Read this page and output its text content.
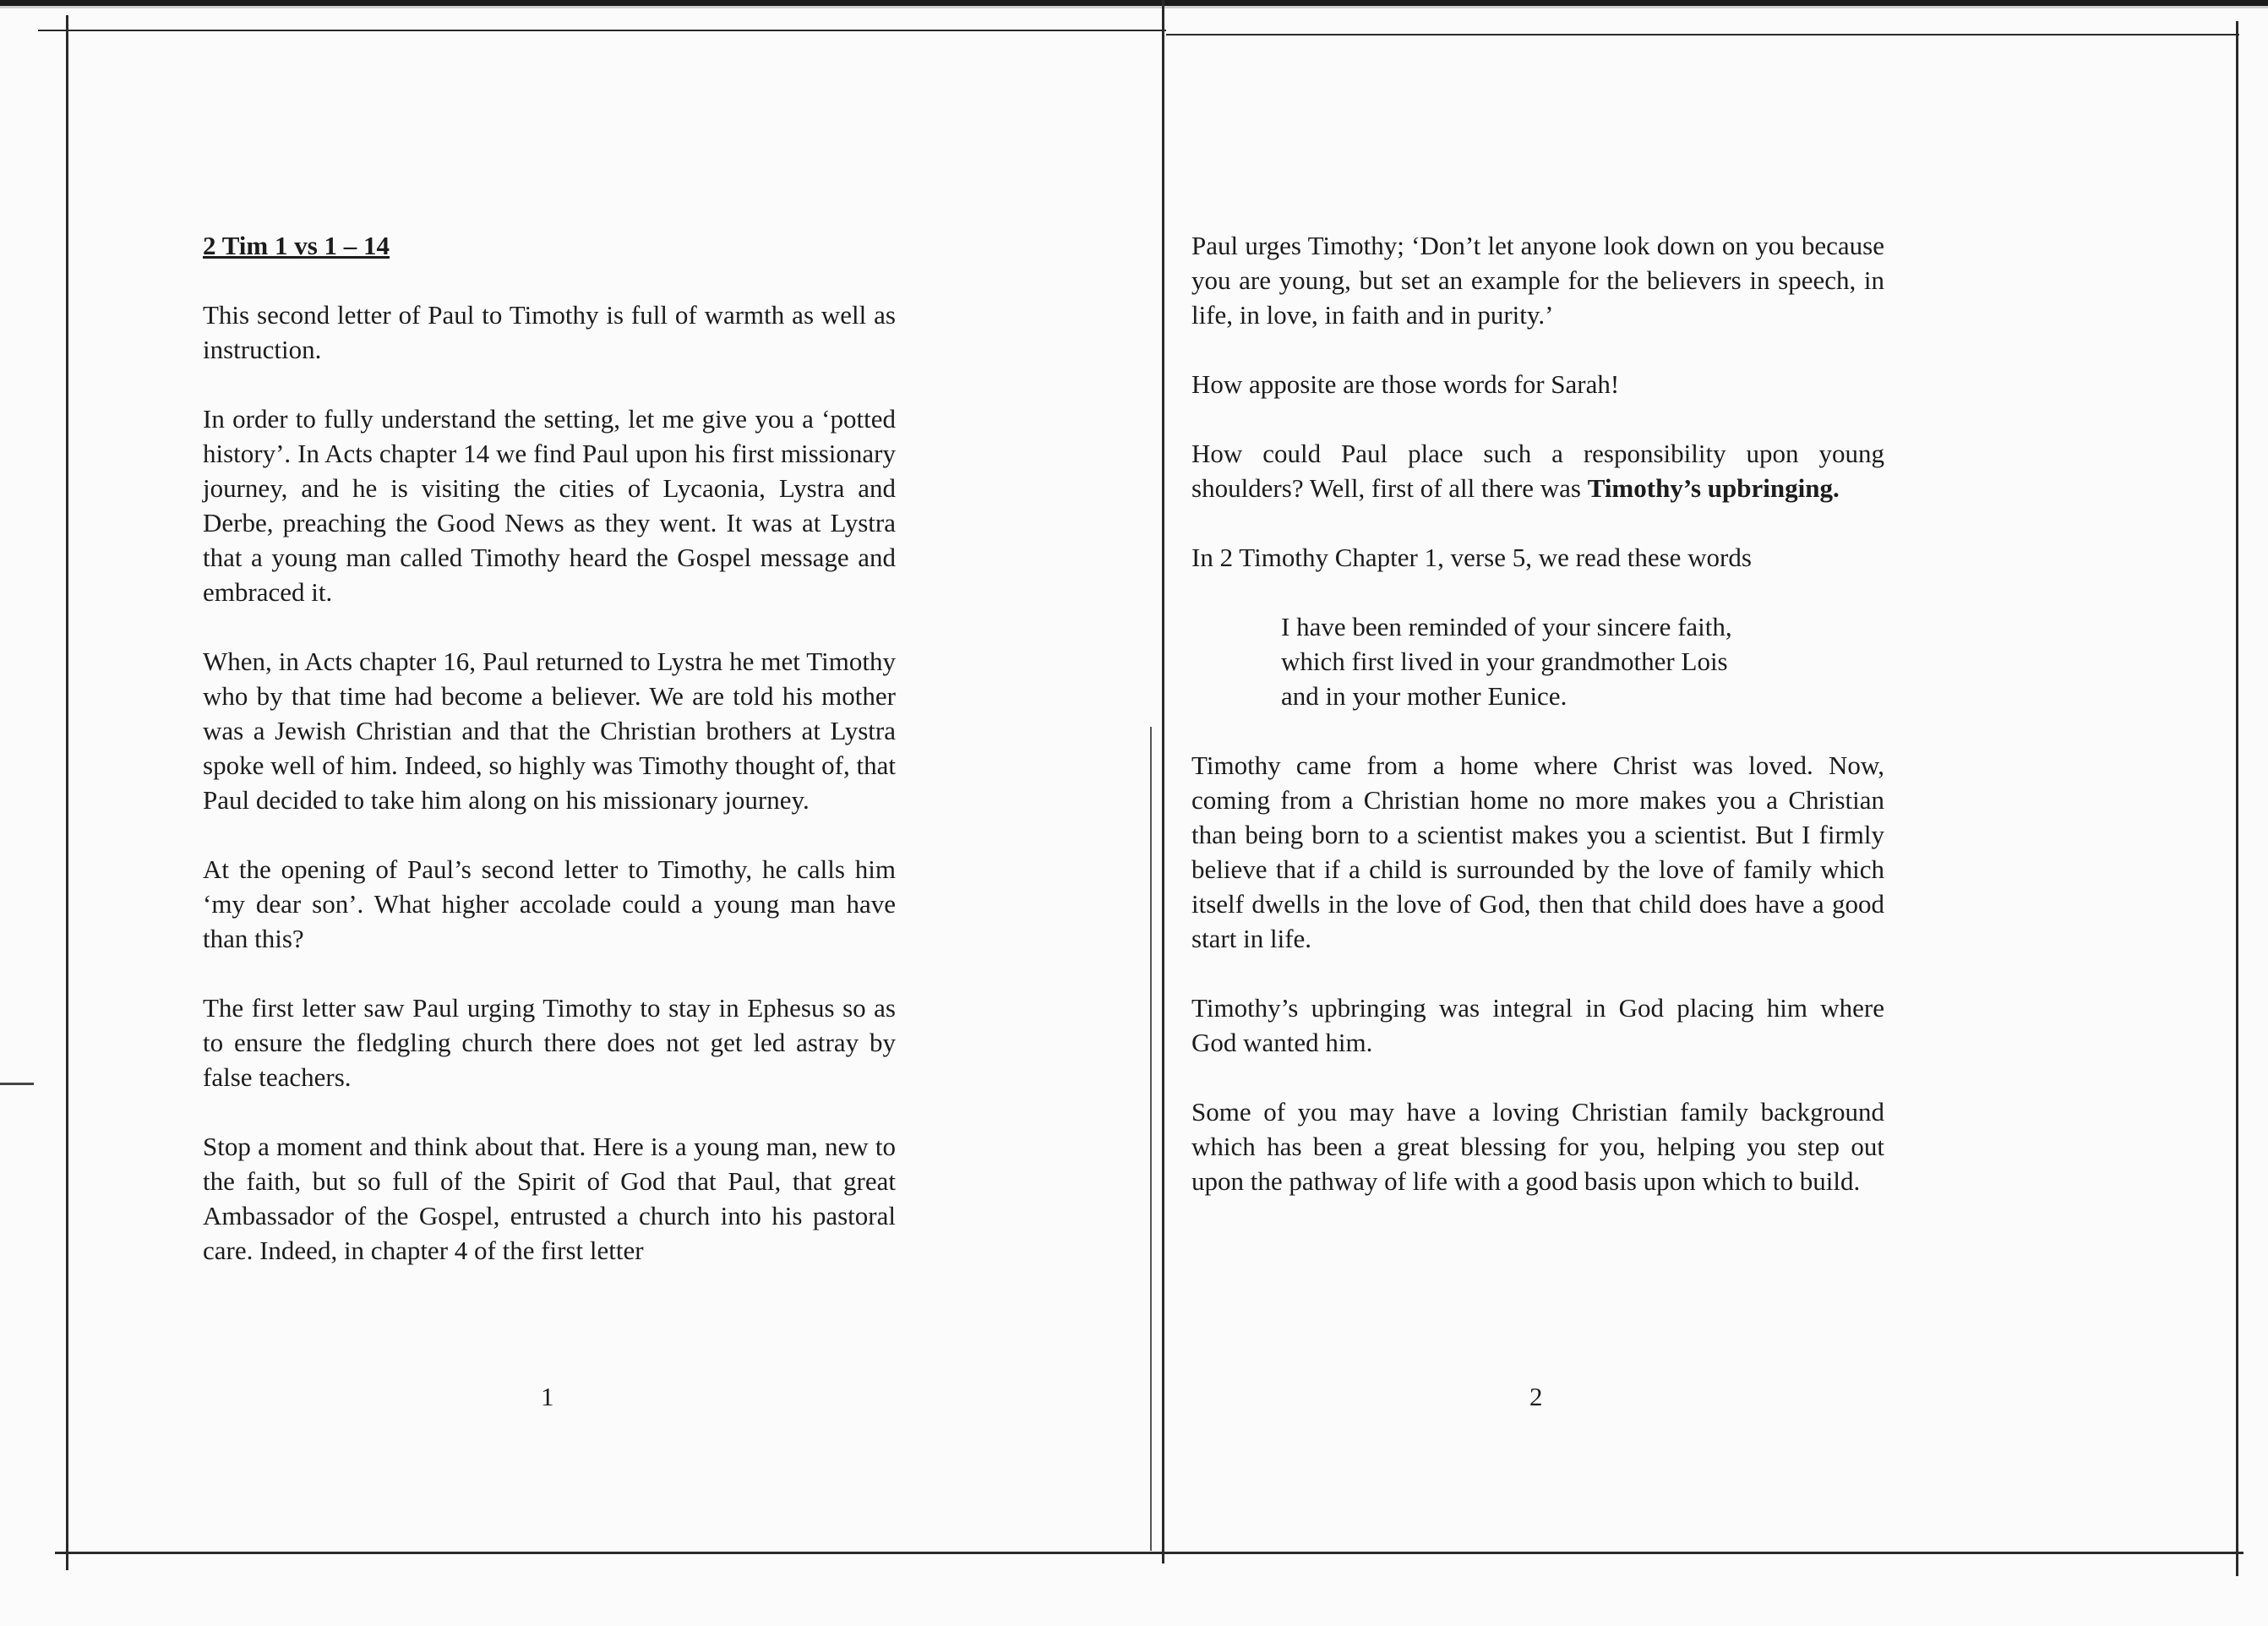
2 Tim 1 vs 1 – 14

This second letter of Paul to Timothy is full of warmth as well as instruction.

In order to fully understand the setting, let me give you a ‘potted history’. In Acts chapter 14 we find Paul upon his first missionary journey, and he is visiting the cities of Lycaonia, Lystra and Derbe, preaching the Good News as they went. It was at Lystra that a young man called Timothy heard the Gospel message and embraced it.

When, in Acts chapter 16, Paul returned to Lystra he met Timothy who by that time had become a believer. We are told his mother was a Jewish Christian and that the Christian brothers at Lystra spoke well of him. Indeed, so highly was Timothy thought of, that Paul decided to take him along on his missionary journey.

At the opening of Paul’s second letter to Timothy, he calls him ‘my dear son’. What higher accolade could a young man have than this?

The first letter saw Paul urging Timothy to stay in Ephesus so as to ensure the fledgling church there does not get led astray by false teachers.

Stop a moment and think about that. Here is a young man, new to the faith, but so full of the Spirit of God that Paul, that great Ambassador of the Gospel, entrusted a church into his pastoral care. Indeed, in chapter 4 of the first letter

1

Paul urges Timothy; ‘Don’t let anyone look down on you because you are young, but set an example for the believers in speech, in life, in love, in faith and in purity.’

How apposite are those words for Sarah!

How could Paul place such a responsibility upon young shoulders? Well, first of all there was Timothy’s upbringing.

In 2 Timothy Chapter 1, verse 5, we read these words

I have been reminded of your sincere faith,
which first lived in your grandmother Lois
and in your mother Eunice.

Timothy came from a home where Christ was loved. Now, coming from a Christian home no more makes you a Christian than being born to a scientist makes you a scientist. But I firmly believe that if a child is surrounded by the love of family which itself dwells in the love of God, then that child does have a good start in life.

Timothy’s upbringing was integral in God placing him where God wanted him.

Some of you may have a loving Christian family background which has been a great blessing for you, helping you step out upon the pathway of life with a good basis upon which to build.

2
